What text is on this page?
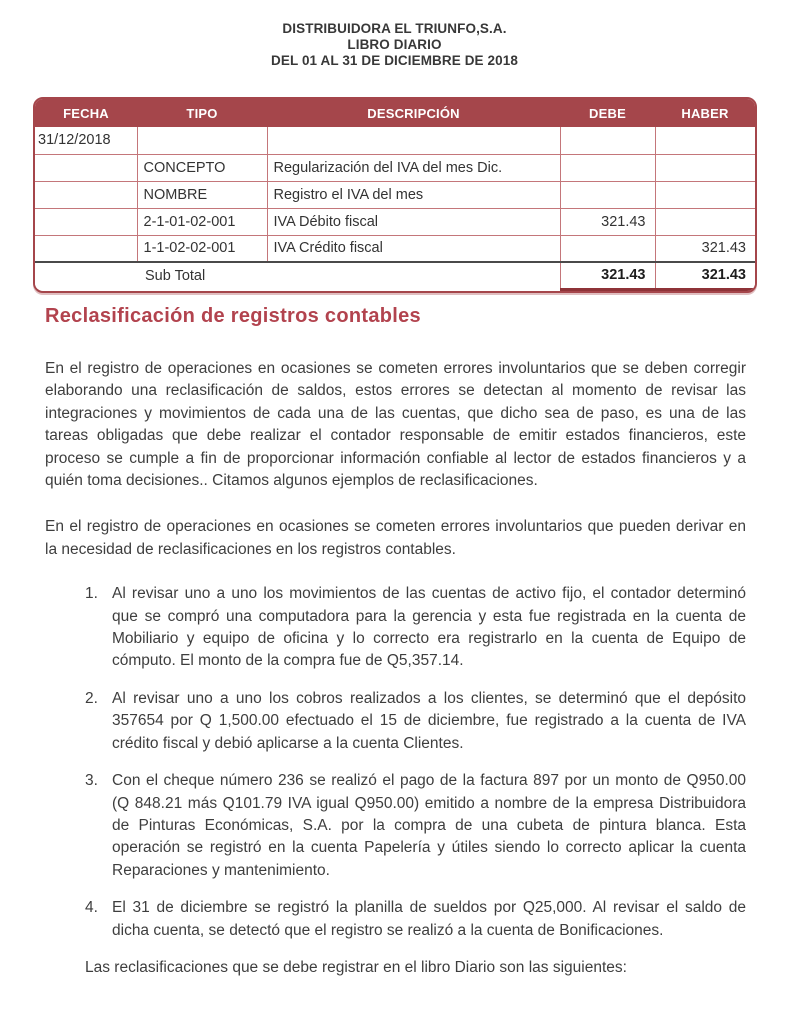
DISTRIBUIDORA EL TRIUNFO,S.A.
LIBRO DIARIO
DEL 01 AL 31 DE DICIEMBRE DE 2018
FECHA	TIPO	DESCRIPCIÓN	DEBE	HABER
31/12/2018				
	CONCEPTO	Regularización del IVA del mes Dic.		
	NOMBRE	Registro el IVA del mes		
	2-1-01-02-001	IVA Débito fiscal	321.43	
	1-1-02-02-001	IVA Crédito fiscal		321.43
Sub Total			321.43	321.43
Reclasificación de registros contables

En el registro de operaciones en ocasiones se cometen errores involuntarios que se deben corregir elaborando una reclasificación de saldos, estos errores se detectan al momento de revisar las integraciones y movimientos de cada una de las cuentas, que dicho sea de paso, es una de las tareas obligadas que debe realizar el contador responsable de emitir estados financieros, este proceso se cumple a fin de proporcionar información confiable al lector de estados financieros y a quién toma decisiones.. Citamos algunos ejemplos de reclasificaciones.

En el registro de operaciones en ocasiones se cometen errores involuntarios que pueden derivar en la necesidad de reclasificaciones en los registros contables.

1. Al revisar uno a uno los movimientos de las cuentas de activo fijo, el contador determinó que se compró una computadora para la gerencia y esta fue registrada en la cuenta de Mobiliario y equipo de oficina y lo correcto era registrarlo en la cuenta de Equipo de cómputo. El monto de la compra fue de Q5,357.14.
2. Al revisar uno a uno los cobros realizados a los clientes, se determinó que el depósito 357654 por Q 1,500.00 efectuado el 15 de diciembre, fue registrado a la cuenta de IVA crédito fiscal y debió aplicarse a la cuenta Clientes.
3. Con el cheque número 236 se realizó el pago de la factura 897 por un monto de Q950.00 (Q 848.21 más Q101.79 IVA igual Q950.00) emitido a nombre de la empresa Distribuidora de Pinturas Económicas, S.A. por la compra de una cubeta de pintura blanca. Esta operación se registró en la cuenta Papelería y útiles siendo lo correcto aplicar la cuenta Reparaciones y mantenimiento.
4. El 31 de diciembre se registró la planilla de sueldos por Q25,000. Al revisar el saldo de dicha cuenta, se detectó que el registro se realizó a la cuenta de Bonificaciones.

Las reclasificaciones que se debe registrar en el libro Diario son las siguientes:
